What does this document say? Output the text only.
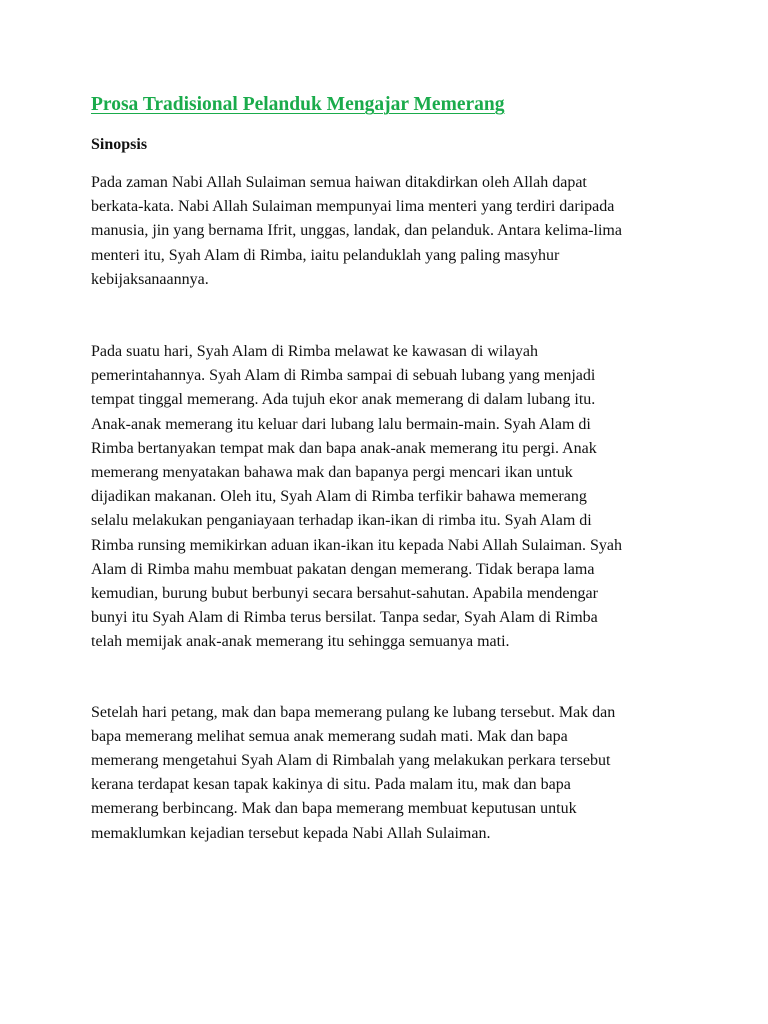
Prosa Tradisional Pelanduk Mengajar Memerang
Sinopsis

Pada zaman Nabi Allah Sulaiman semua haiwan ditakdirkan oleh Allah dapat
berkata-kata. Nabi Allah Sulaiman mempunyai lima menteri yang terdiri daripada
manusia, jin yang bernama Ifrit, unggas, landak, dan pelanduk. Antara kelima-lima
menteri itu, Syah Alam di Rimba, iaitu pelanduklah yang paling masyhur
kebijaksanaannya.

Pada suatu hari, Syah Alam di Rimba melawat ke kawasan di wilayah
pemerintahannya. Syah Alam di Rimba sampai di sebuah lubang yang menjadi
tempat tinggal memerang. Ada tujuh ekor anak memerang di dalam lubang itu.
Anak-anak memerang itu keluar dari lubang lalu bermain-main. Syah Alam di
Rimba bertanyakan tempat mak dan bapa anak-anak memerang itu pergi. Anak
memerang menyatakan bahawa mak dan bapanya pergi mencari ikan untuk
dijadikan makanan. Oleh itu, Syah Alam di Rimba terfikir bahawa memerang
selalu melakukan penganiayaan terhadap ikan-ikan di rimba itu. Syah Alam di
Rimba runsing memikirkan aduan ikan-ikan itu kepada Nabi Allah Sulaiman. Syah
Alam di Rimba mahu membuat pakatan dengan memerang. Tidak berapa lama
kemudian, burung bubut berbunyi secara bersahut-sahutan. Apabila mendengar
bunyi itu Syah Alam di Rimba terus bersilat. Tanpa sedar, Syah Alam di Rimba
telah memijak anak-anak memerang itu sehingga semuanya mati.

Setelah hari petang, mak dan bapa memerang pulang ke lubang tersebut. Mak dan
bapa memerang melihat semua anak memerang sudah mati. Mak dan bapa
memerang mengetahui Syah Alam di Rimbalah yang melakukan perkara tersebut
kerana terdapat kesan tapak kakinya di situ. Pada malam itu, mak dan bapa
memerang berbincang. Mak dan bapa memerang membuat keputusan untuk
memaklumkan kejadian tersebut kepada Nabi Allah Sulaiman.
